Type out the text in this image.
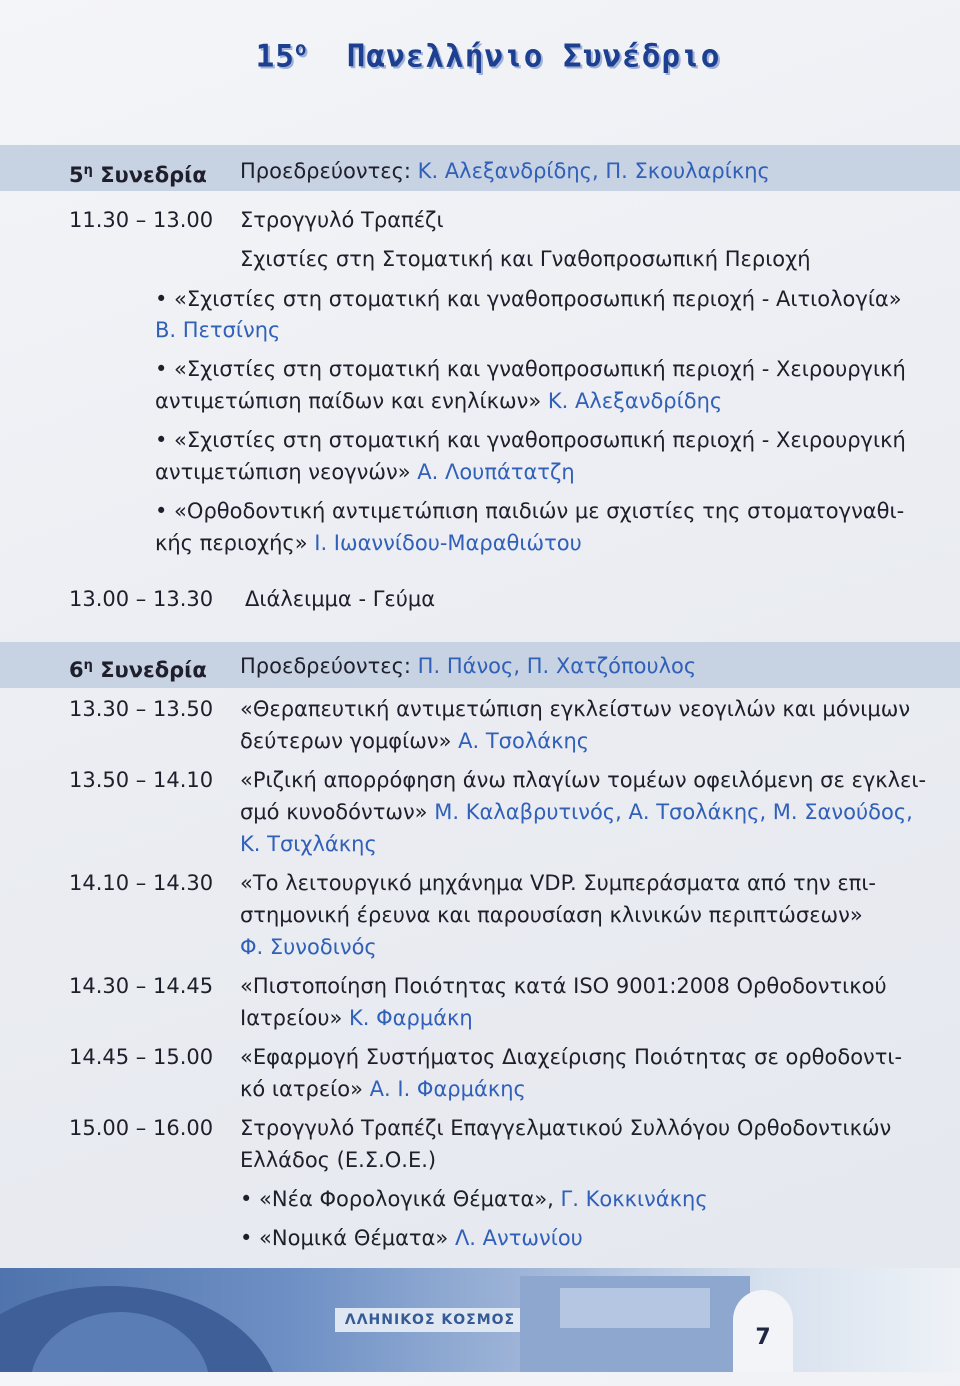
$15^o$ Πανελλήνιο Συνέδριο
$5^\eta$ Συνεδρία Προεδρεύοντες: Κ. Αλεξανδρίδης, Π. Σκουλαρίκης
11.30 – 13.00 Στρογγυλό Τραπέζι
Σχιστίες στη Στοματική και Γναθοπροσωπική Περιοχή
• «Σχιστίες στη στοματική και γναθοπροσωπική περιοχή - Αιτιολογία»
Β. Πετσίνης
• «Σχιστίες στη στοματική και γναθοπροσωπική περιοχή - Χειρουργική
αντιμετώπιση παίδων και ενηλίκων» Κ. Αλεξανδρίδης
• «Σχιστίες στη στοματική και γναθοπροσωπική περιοχή - Χειρουργική
αντιμετώπιση νεογνών» Α. Λουπάτατζη
• «Ορθοδοντική αντιμετώπιση παιδιών με σχιστίες της στοματογναθι-
κής περιοχής» Ι. Ιωαννίδου-Μαραθιώτου
13.00 – 13.30 Διάλειμμα - Γεύμα
$6^\eta$ Συνεδρία Προεδρεύοντες: Π. Πάνος, Π. Χατζόπουλος
13.30 – 13.50 «Θεραπευτική αντιμετώπιση εγκλείστων νεογιλών και μόνιμων
δεύτερων γομφίων» Α. Τσολάκης
13.50 – 14.10 «Ριζική απορρόφηση άνω πλαγίων τομέων οφειλόμενη σε εγκλει-
σμό κυνοδόντων» Μ. Καλαβρυτινός, Α. Τσολάκης, Μ. Σανούδος,
Κ. Τσιχλάκης
14.10 – 14.30 «Το λειτουργικό μηχάνημα VDP. Συμπεράσματα από την επι-
στημονική έρευνα και παρουσίαση κλινικών περιπτώσεων»
Φ. Συνοδινός
14.30 – 14.45 «Πιστοποίηση Ποιότητας κατά ISO 9001:2008 Ορθοδοντικού
Ιατρείου» Κ. Φαρμάκη
14.45 – 15.00 «Εφαρμογή Συστήματος Διαχείρισης Ποιότητας σε ορθοδοντι-
κό ιατρείο» Α. Ι. Φαρμάκης
15.00 – 16.00 Στρογγυλό Τραπέζι Επαγγελματικού Συλλόγου Ορθοδοντικών
Ελλάδος (Ε.Σ.Ο.Ε.)
• «Νέα Φορολογικά Θέματα», Γ. Κοκκινάκης
• «Νομικά Θέματα» Λ. Αντωνίου
ΛΛΗΝΙΚΟΣ ΚΟΣΜΟΣ
7
